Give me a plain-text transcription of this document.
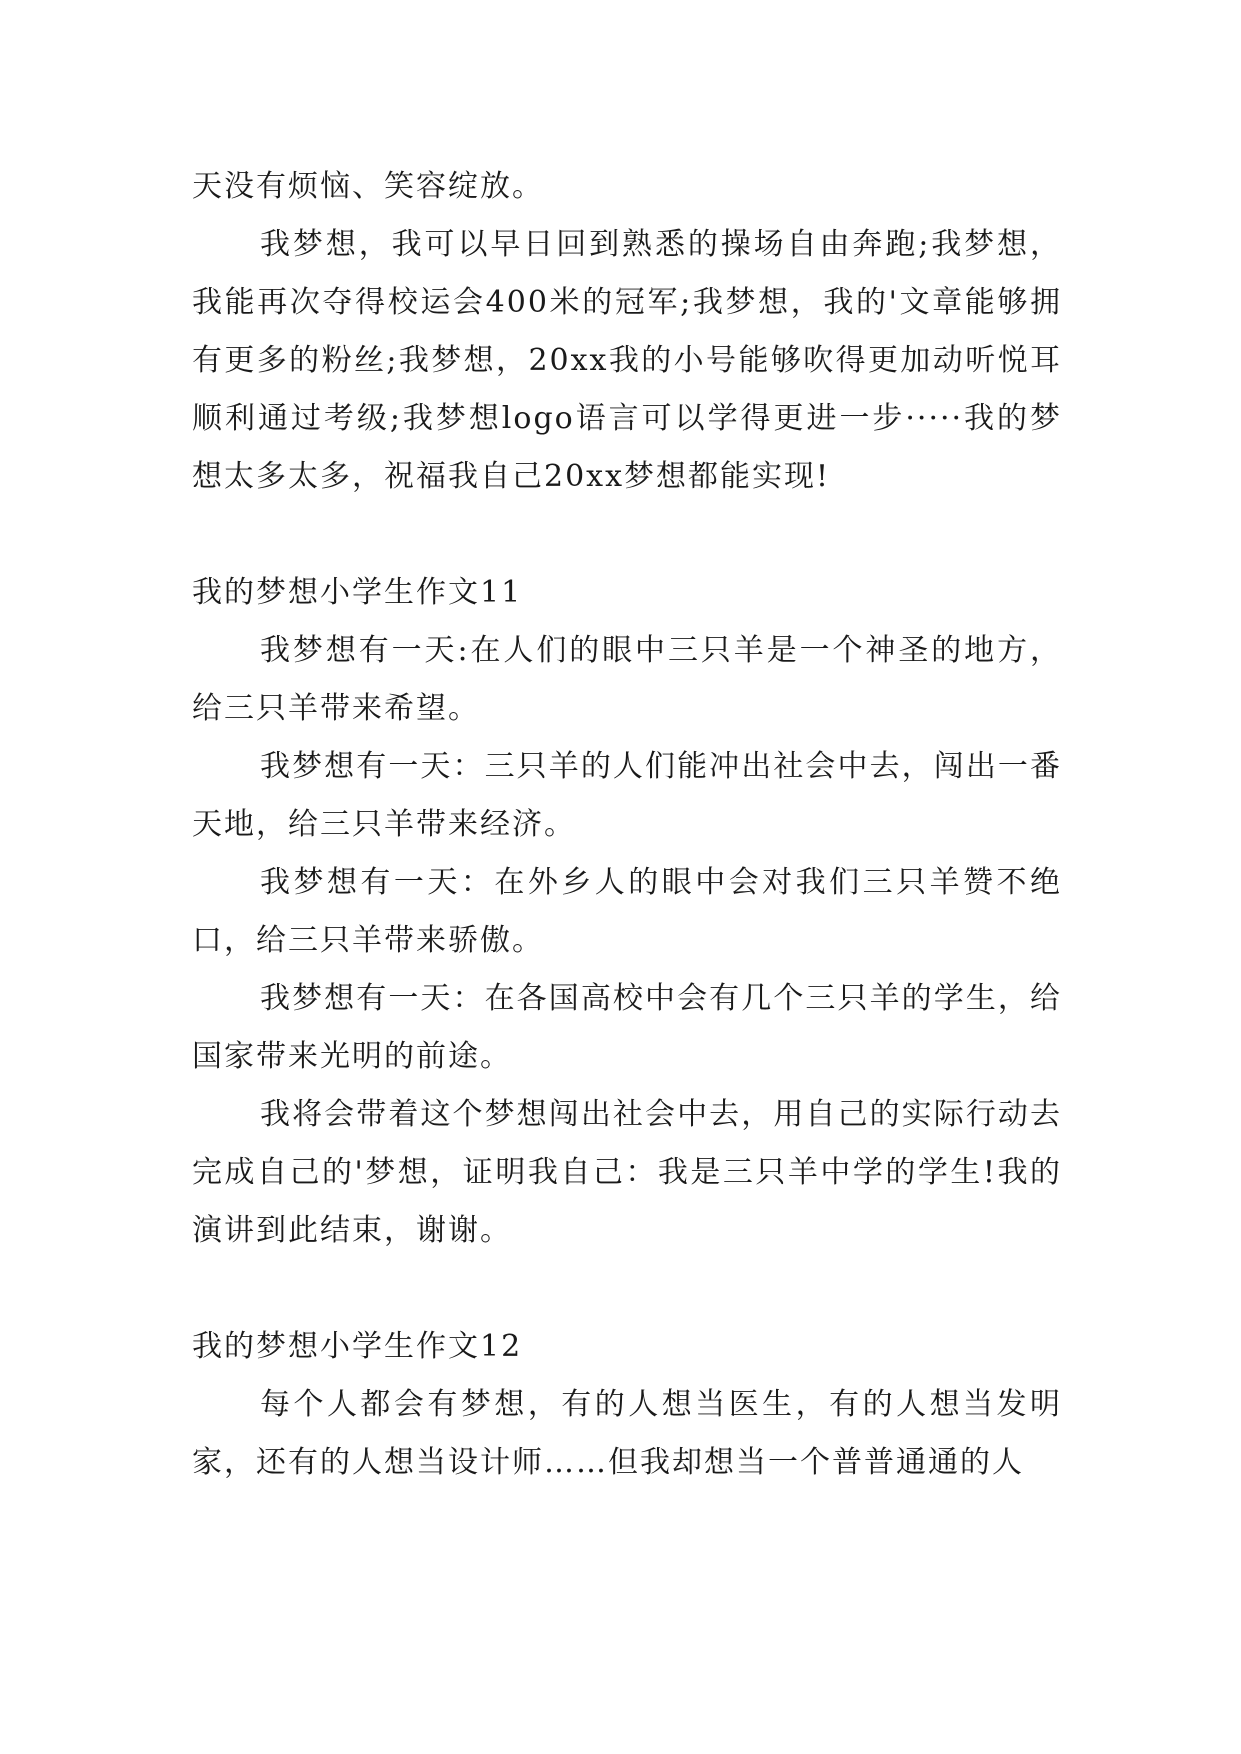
天没有烦恼、笑容绽放。

我梦想，我可以早日回到熟悉的操场自由奔跑;我梦想，我能再次夺得校运会400米的冠军;我梦想，我的'文章能够拥有更多的粉丝;我梦想，20xx我的小号能够吹得更加动听悦耳顺利通过考级;我梦想logo语言可以学得更进一步·····我的梦想太多太多，祝福我自己20xx梦想都能实现!

我的梦想小学生作文11

我梦想有一天:在人们的眼中三只羊是一个神圣的地方，给三只羊带来希望。

我梦想有一天：三只羊的人们能冲出社会中去，闯出一番天地，给三只羊带来经济。

我梦想有一天：在外乡人的眼中会对我们三只羊赞不绝口，给三只羊带来骄傲。

我梦想有一天：在各国高校中会有几个三只羊的学生，给国家带来光明的前途。

我将会带着这个梦想闯出社会中去，用自己的实际行动去完成自己的'梦想，证明我自己：我是三只羊中学的学生!我的演讲到此结束，谢谢。

我的梦想小学生作文12

每个人都会有梦想，有的人想当医生，有的人想当发明家，还有的人想当设计师……但我却想当一个普普通通的人
